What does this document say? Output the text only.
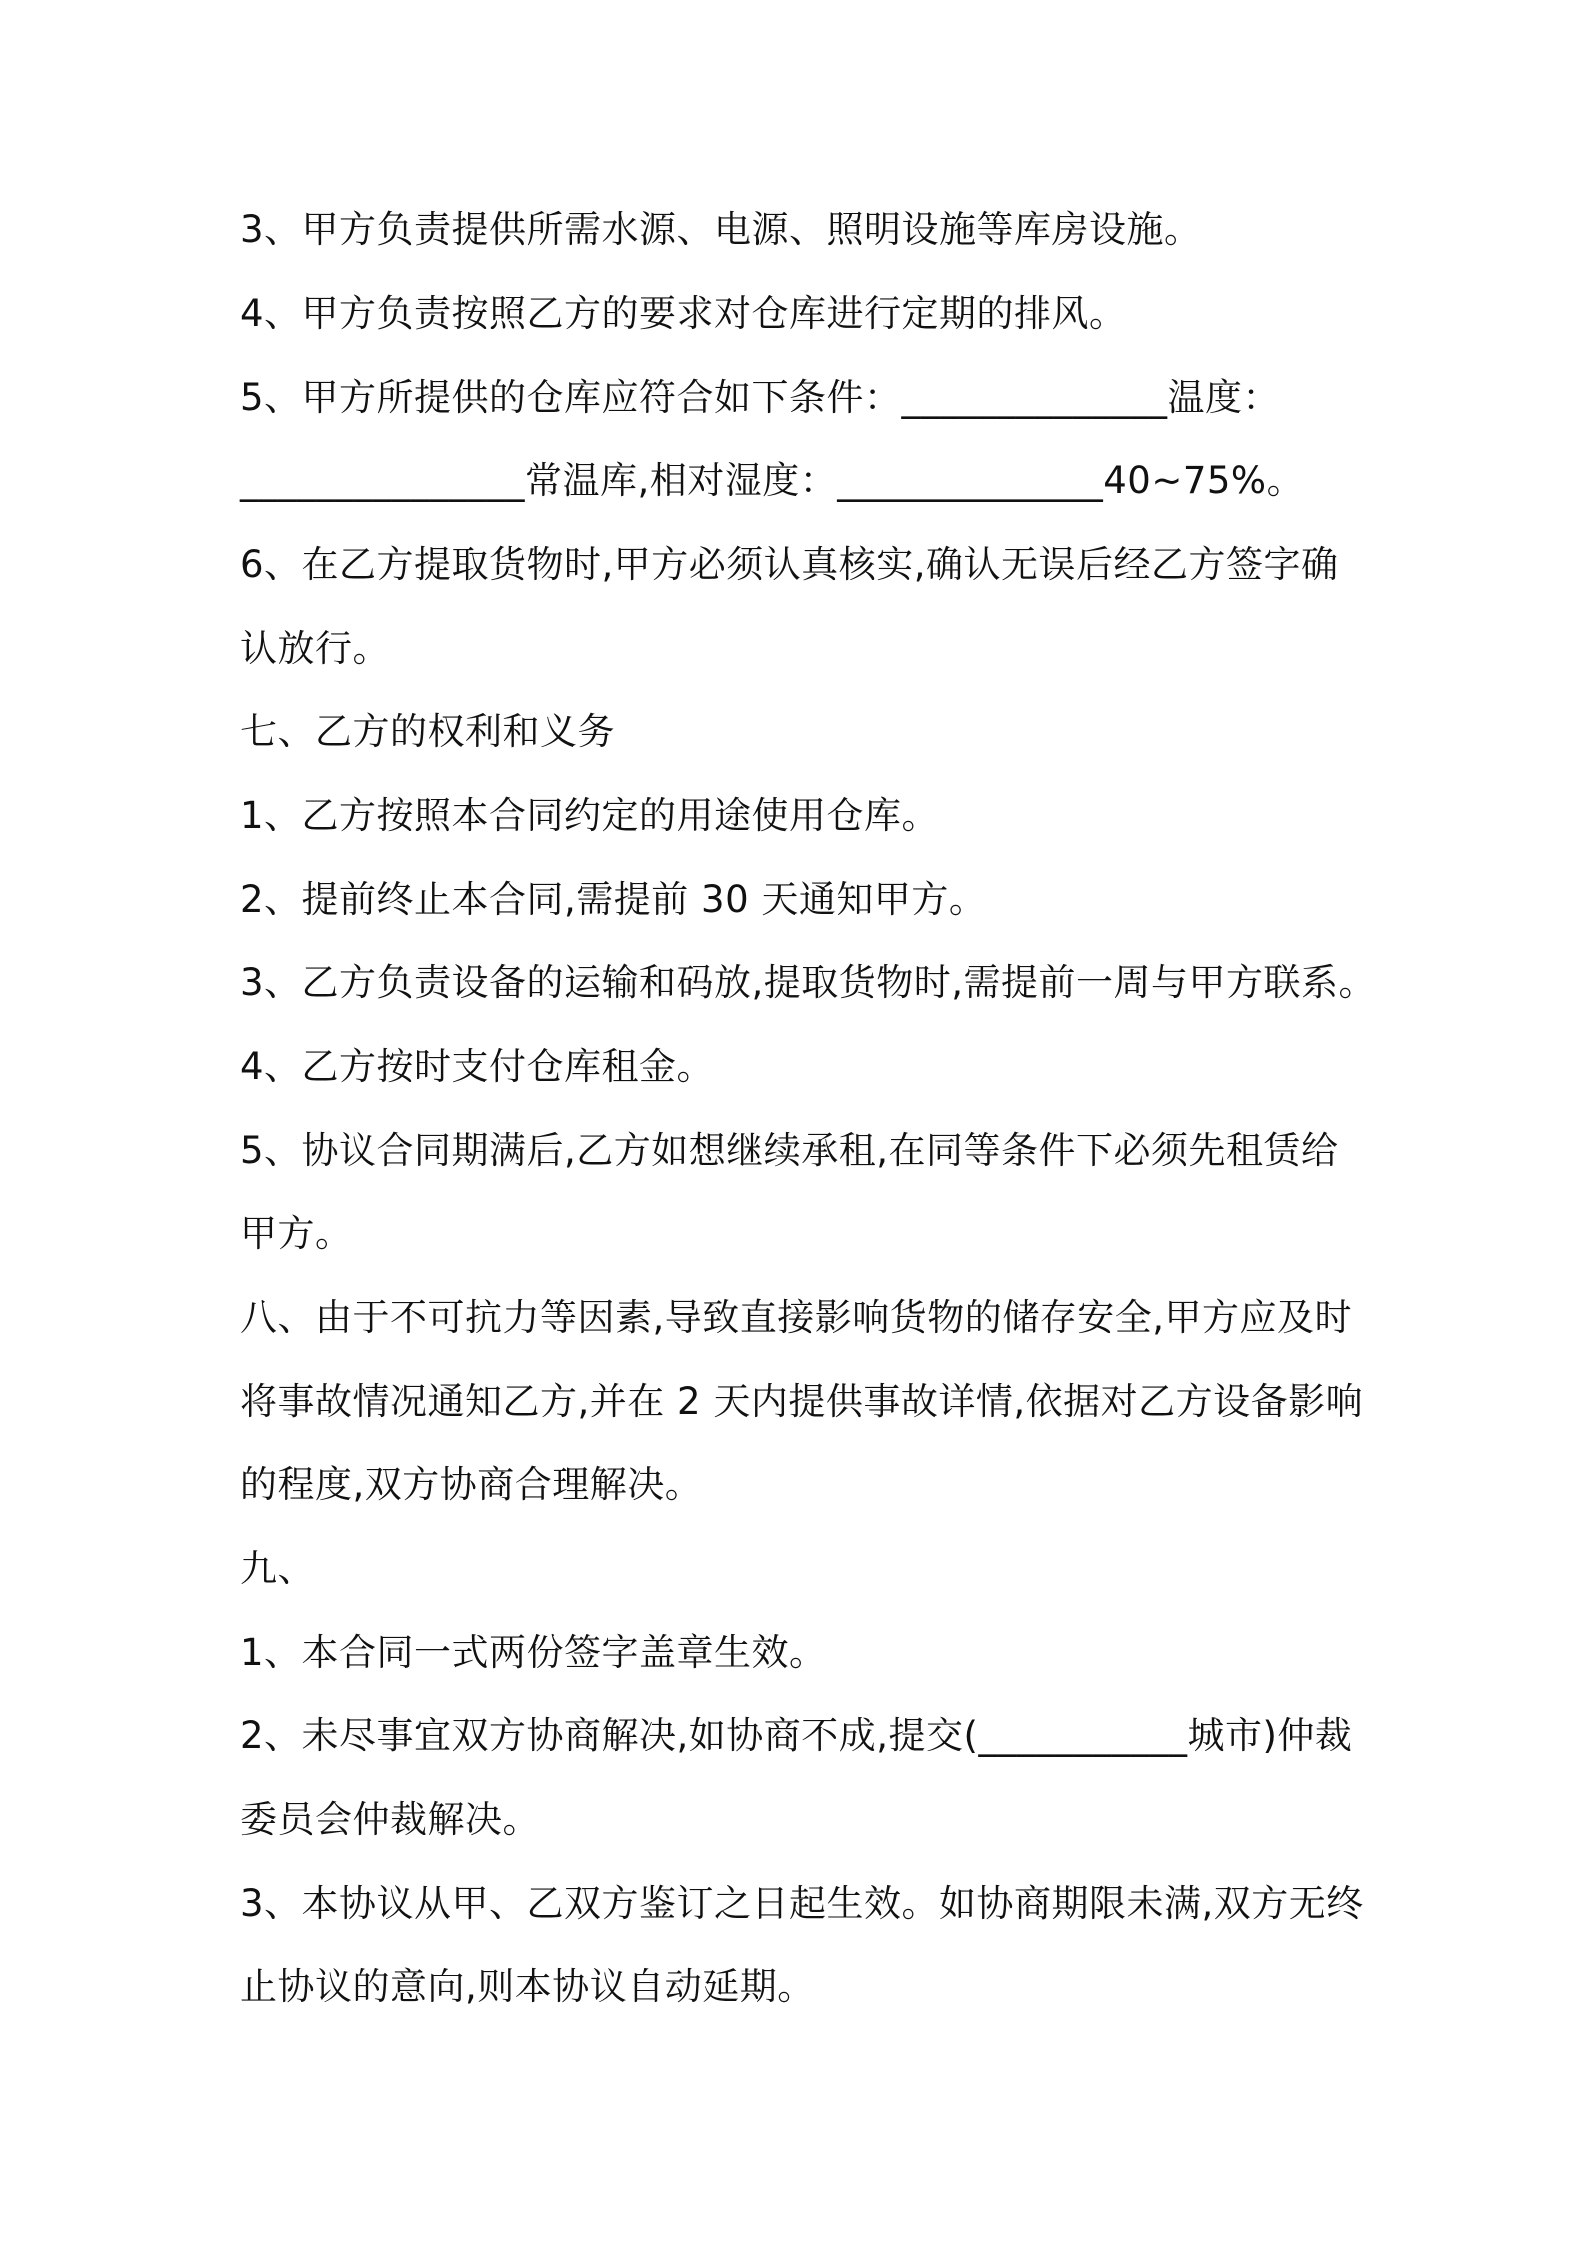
3、甲方负责提供所需水源、电源、照明设施等库房设施。
4、甲方负责按照乙方的要求对仓库进行定期的排风。
5、甲方所提供的仓库应符合如下条件：______________温度：
_______________常温库,相对湿度：______________40~75%。
6、在乙方提取货物时,甲方必须认真核实,确认无误后经乙方签字确
认放行。
七、乙方的权利和义务
1、乙方按照本合同约定的用途使用仓库。
2、提前终止本合同,需提前 30 天通知甲方。
3、乙方负责设备的运输和码放,提取货物时,需提前一周与甲方联系。
4、乙方按时支付仓库租金。
5、协议合同期满后,乙方如想继续承租,在同等条件下必须先租赁给
甲方。
八、由于不可抗力等因素,导致直接影响货物的储存安全,甲方应及时
将事故情况通知乙方,并在 2 天内提供事故详情,依据对乙方设备影响
的程度,双方协商合理解决。
九、
1、本合同一式两份签字盖章生效。
2、未尽事宜双方协商解决,如协商不成,提交(___________城市)仲裁
委员会仲裁解决。
3、本协议从甲、乙双方鉴订之日起生效。如协商期限未满,双方无终
止协议的意向,则本协议自动延期。
